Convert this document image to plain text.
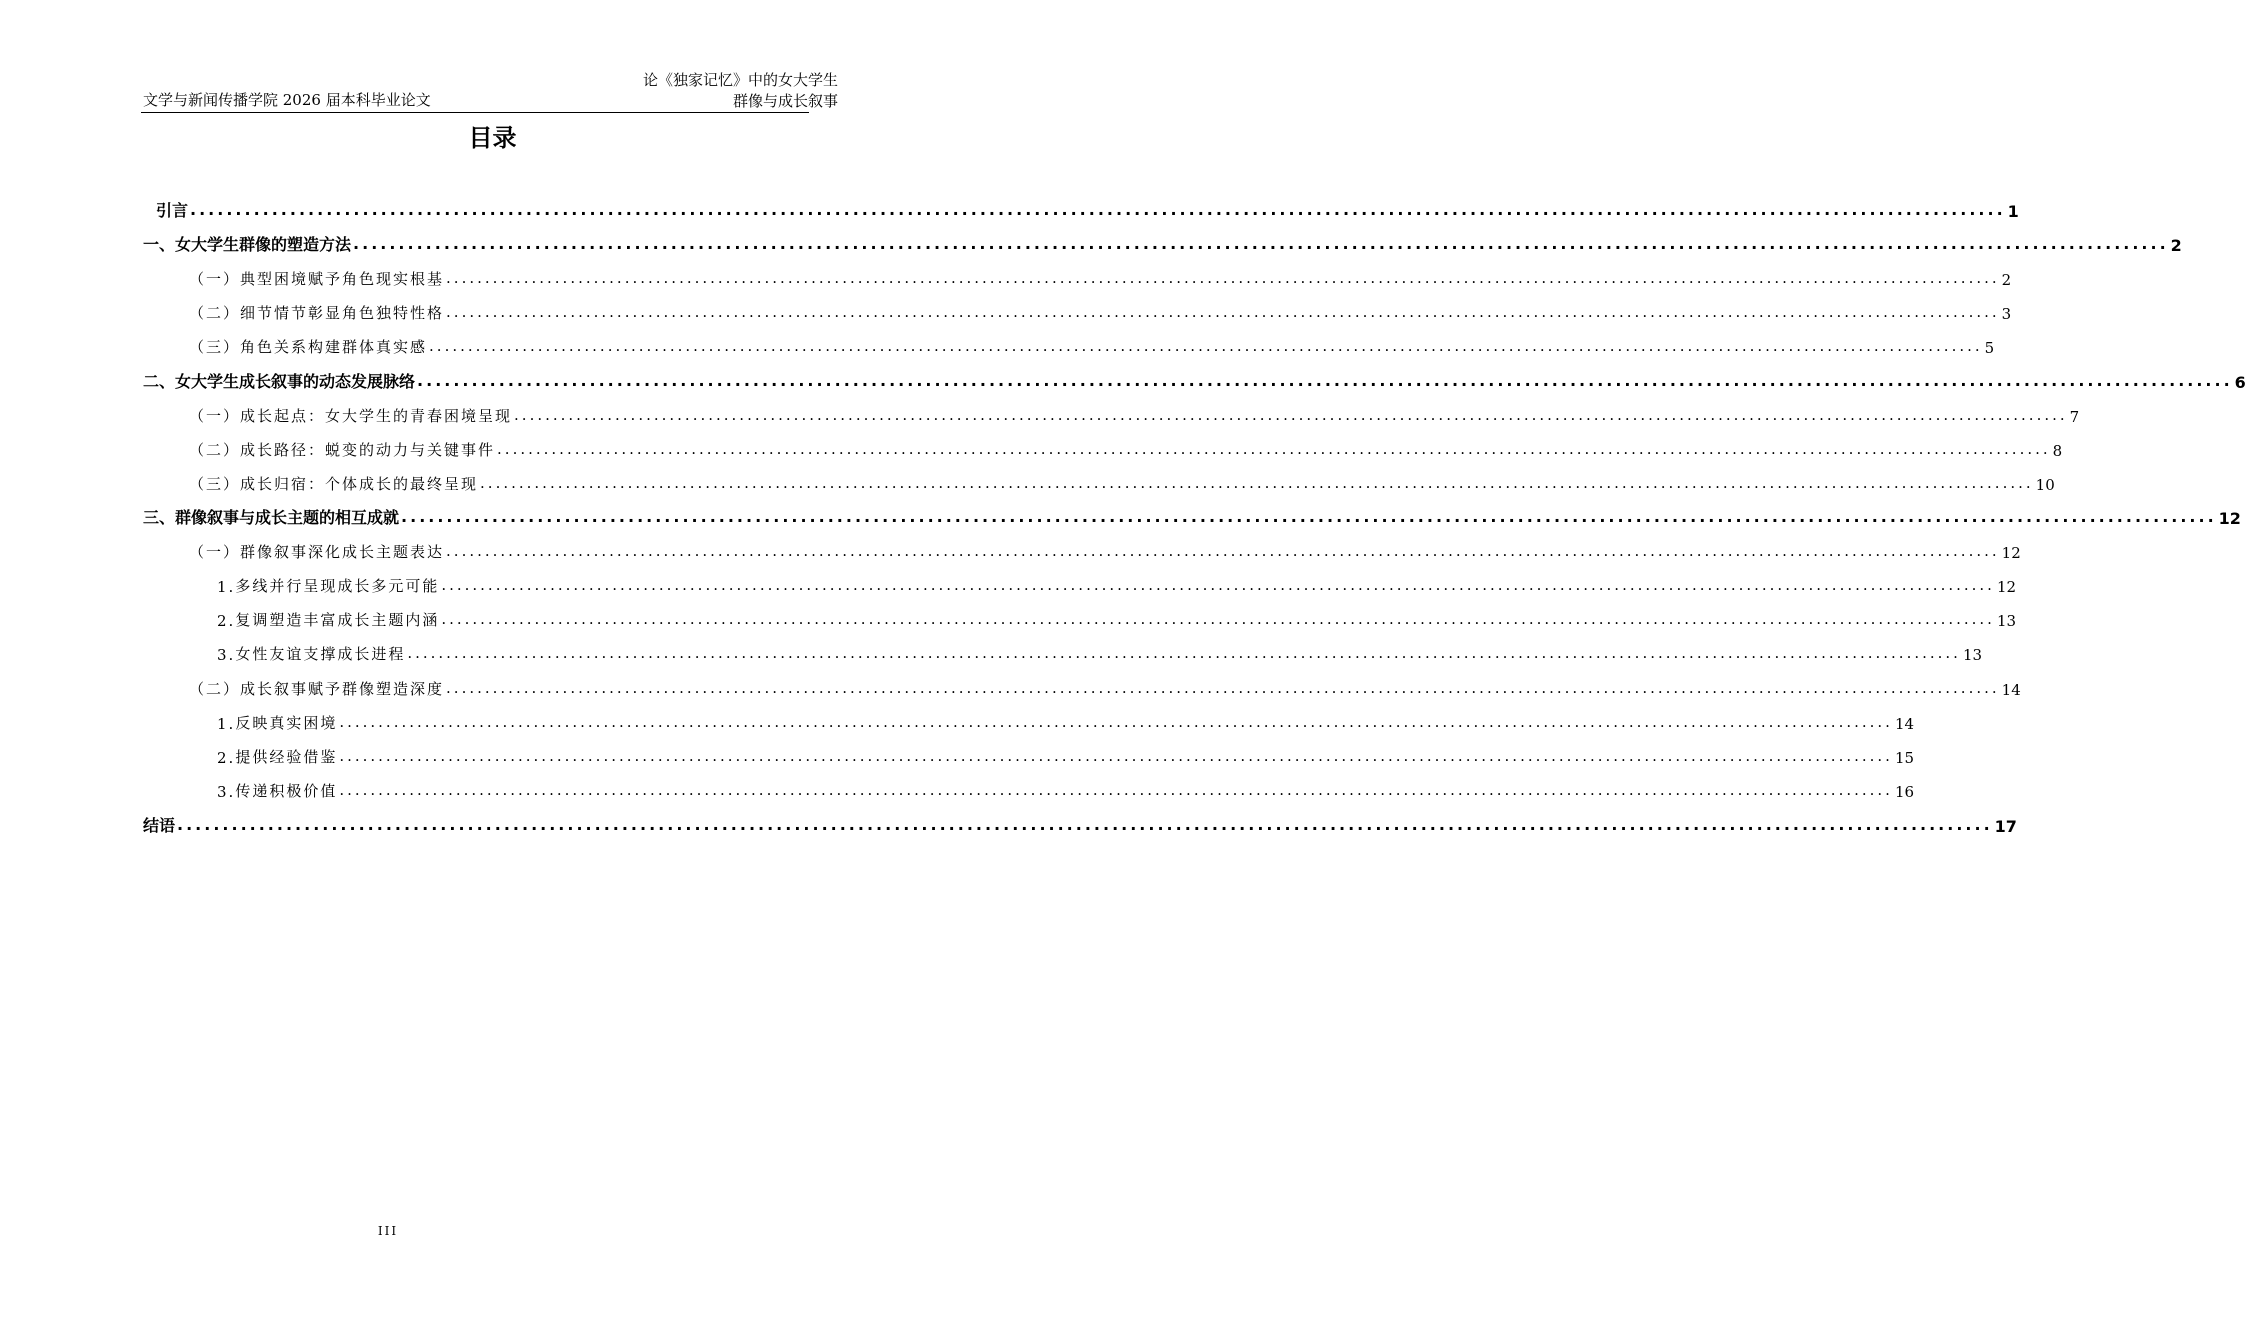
文学与新闻传播学院 2026 届本科毕业论文
论《独家记忆》中的女大学生
群像与成长叙事
目录
引言 ........................................................................................................................................................................................................ 1
一、 女大学生群像的塑造方法 ........................................................................................................................................................................................................ 2
（一） 典型困境赋予角色现实根基 ........................................................................................................................................................................................................ 2
（二） 细节情节彰显角色独特性格 ........................................................................................................................................................................................................ 3
（三） 角色关系构建群体真实感 ........................................................................................................................................................................................................ 5
二、 女大学生成长叙事的动态发展脉络 ........................................................................................................................................................................................................ 6
（一） 成长起点：女大学生的青春困境呈现 ........................................................................................................................................................................................................ 7
（二） 成长路径：蜕变的动力与关键事件 ........................................................................................................................................................................................................ 8
（三） 成长归宿：个体成长的最终呈现 ........................................................................................................................................................................................................ 10
三、 群像叙事与成长主题的相互成就 ........................................................................................................................................................................................................ 12
（一） 群像叙事深化成长主题表达 ........................................................................................................................................................................................................ 12
1. 多线并行呈现成长多元可能 ........................................................................................................................................................................................................ 12
2. 复调塑造丰富成长主题内涵 ........................................................................................................................................................................................................ 13
3. 女性友谊支撑成长进程 ........................................................................................................................................................................................................ 13
（二） 成长叙事赋予群像塑造深度 ........................................................................................................................................................................................................ 14
1. 反映真实困境 ........................................................................................................................................................................................................ 14
2. 提供经验借鉴 ........................................................................................................................................................................................................ 15
3. 传递积极价值 ........................................................................................................................................................................................................ 16
结语 ........................................................................................................................................................................................................ 17
III
